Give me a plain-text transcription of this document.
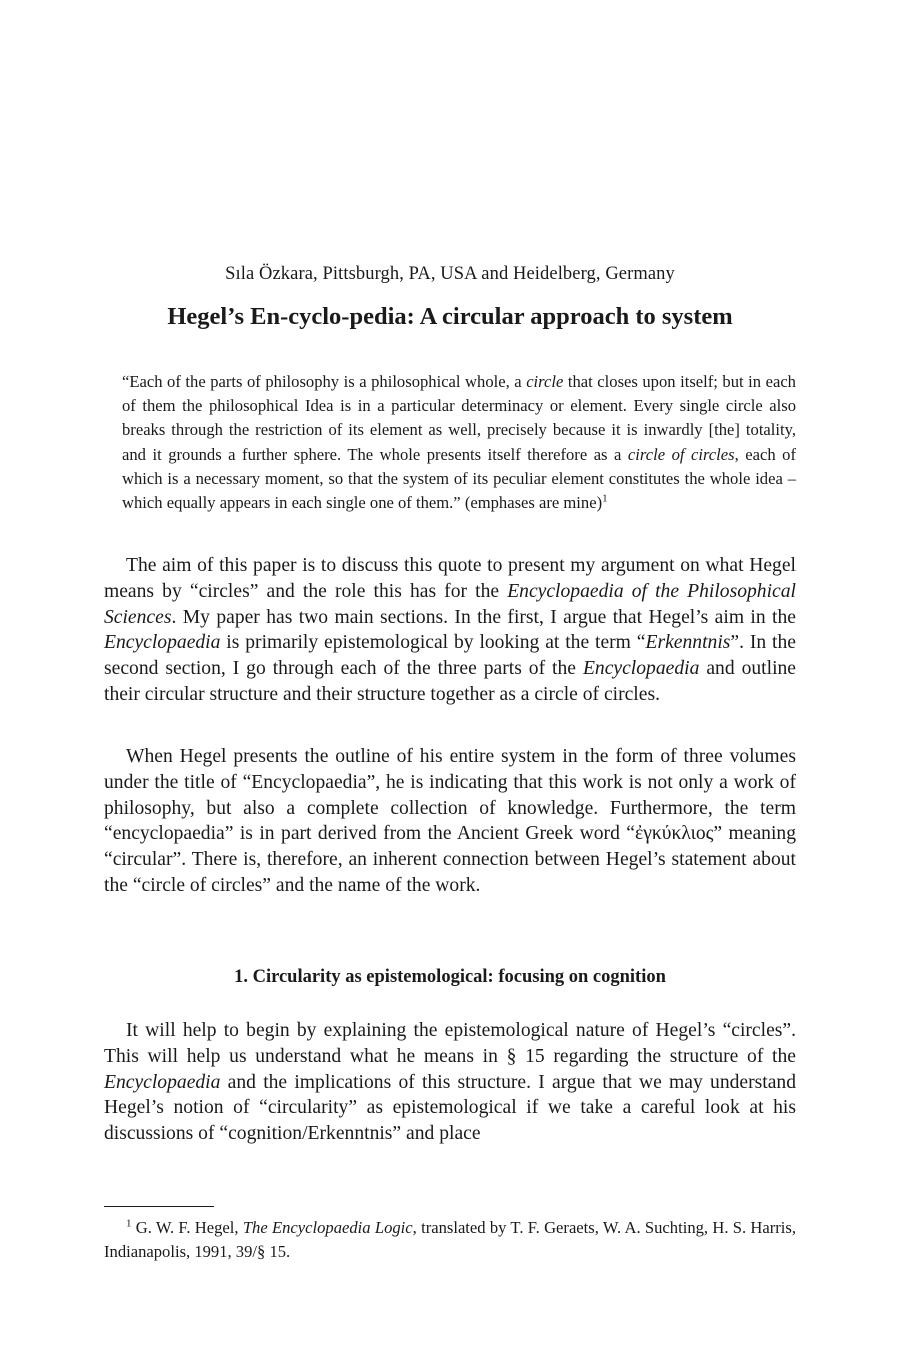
Sıla Özkara, Pittsburgh, PA, USA and Heidelberg, Germany
Hegel’s En-cyclo-pedia: A circular approach to system
“Each of the parts of philosophy is a philosophical whole, a circle that closes upon itself; but in each of them the philosophical Idea is in a particular determinacy or element. Every single circle also breaks through the restriction of its element as well, precisely because it is inwardly [the] totality, and it grounds a further sphere. The whole presents itself therefore as a circle of circles, each of which is a necessary moment, so that the system of its peculiar element constitutes the whole idea – which equally appears in each single one of them.” (emphases are mine)$^1$

The aim of this paper is to discuss this quote to present my argument on what Hegel means by “circles” and the role this has for the Encyclopaedia of the Philosophical Sciences. My paper has two main sections. In the first, I argue that Hegel’s aim in the Encyclopaedia is primarily epistemological by looking at the term “Erkenntnis”. In the second section, I go through each of the three parts of the Encyclopaedia and outline their circular structure and their structure together as a circle of circles.

When Hegel presents the outline of his entire system in the form of three volumes under the title of “Encyclopaedia”, he is indicating that this work is not only a work of philosophy, but also a complete collection of knowledge. Furthermore, the term “encyclopaedia” is in part derived from the Ancient Greek word “ἐγκύκλιος” meaning “circular”. There is, therefore, an inherent connection between Hegel’s statement about the “circle of circles” and the name of the work.

1. Circularity as epistemological: focusing on cognition

It will help to begin by explaining the epistemological nature of Hegel’s “circles”. This will help us understand what he means in § 15 regarding the structure of the Encyclopaedia and the implications of this structure. I argue that we may understand Hegel’s notion of “circularity” as epistemological if we take a careful look at his discussions of “cognition/Erkenntnis” and place

$^1$ G. W. F. Hegel, The Encyclopaedia Logic, translated by T. F. Geraets, W. A. Suchting, H. S. Harris, Indianapolis, 1991, 39/§ 15.
